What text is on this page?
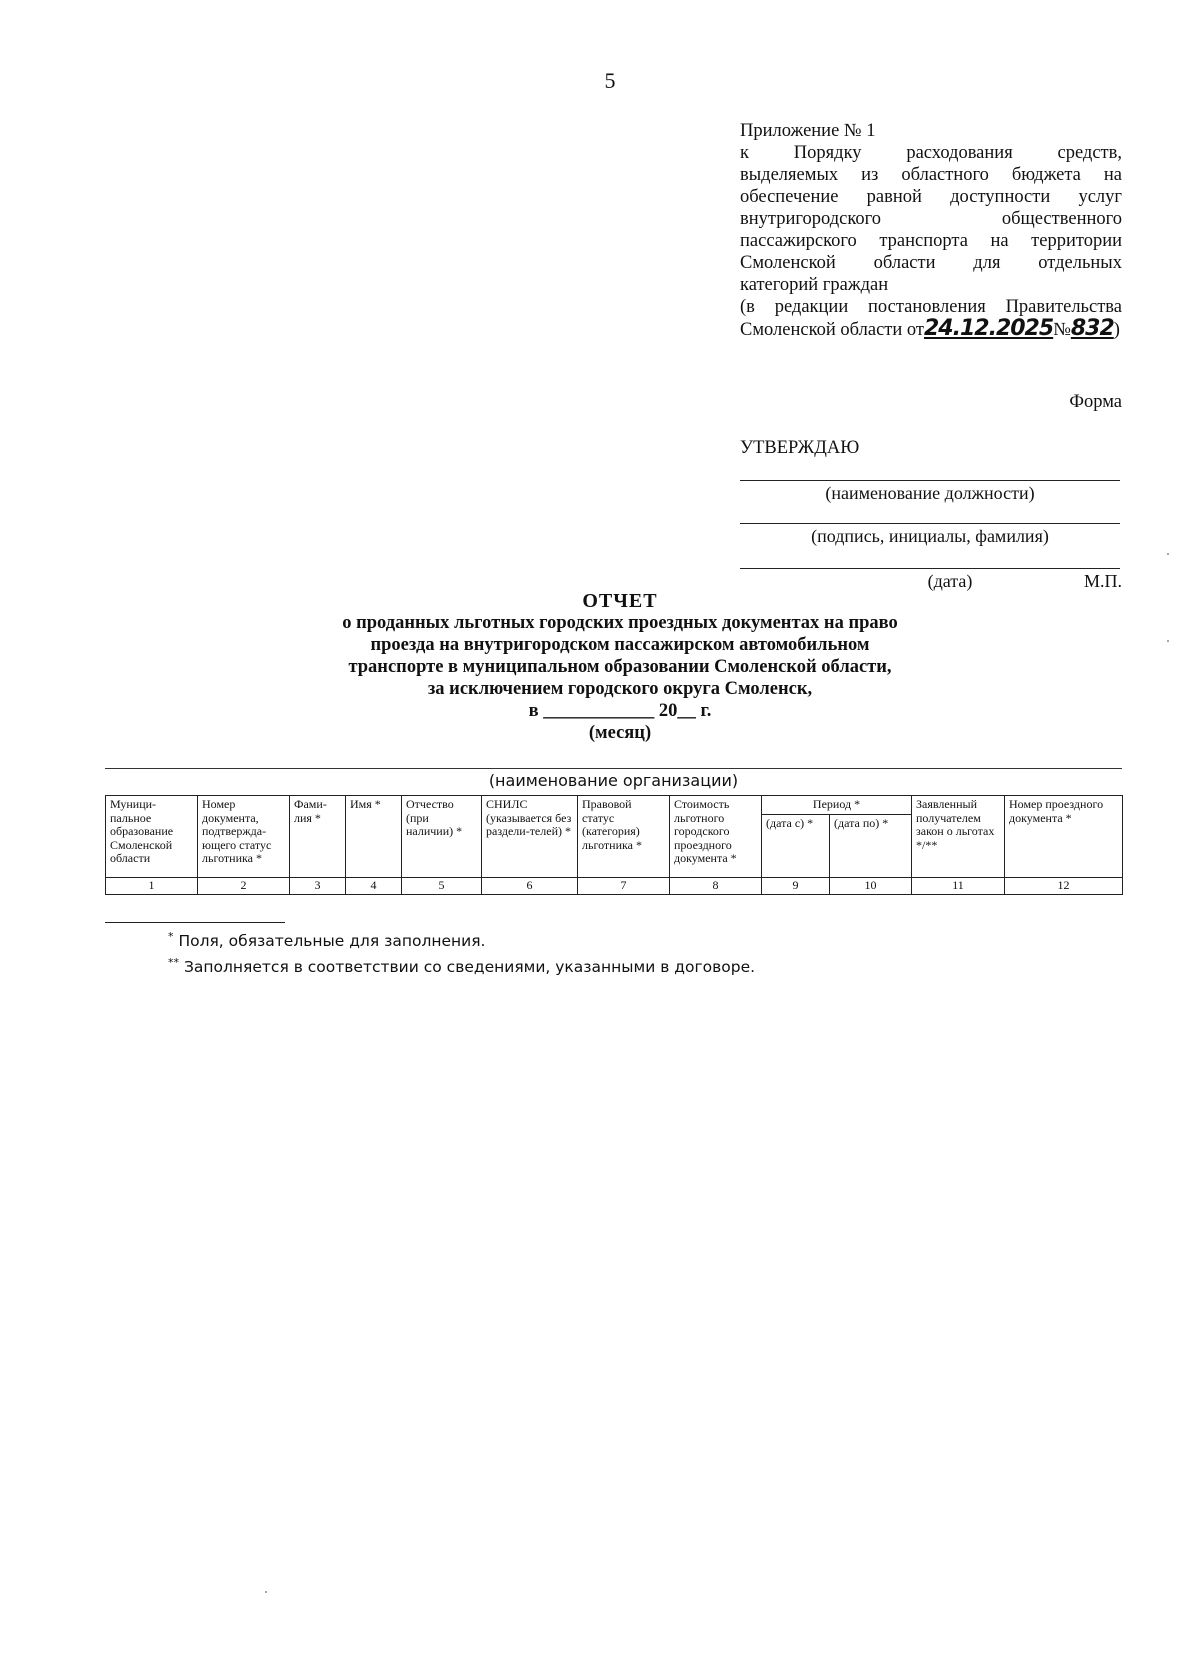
5
Приложение № 1
к Порядку расходования средств,
выделяемых из областного бюджета на
обеспечение равной доступности услуг
внутригородского общественного
пассажирского транспорта на территории
Смоленской области для отдельных
категорий граждан
(в редакции постановления Правительства
Смоленской области от24.12.2025№832)
Форма
УТВЕРЖДАЮ
(наименование должности)
(подпись, инициалы, фамилия)
(дата)	М.П.
ОТЧЕТ
о проданных льготных городских проездных документах на право
проезда на внутригородском пассажирском автомобильном
транспорте в муниципальном образовании Смоленской области,
за исключением городского округа Смоленск,
в ____________ 20__ г.
(месяц)
(наименование организации)
Муници-пальное образование Смоленской области	Номер документа, подтвержда-ющего статус льготника *	Фами-лия *	Имя *	Отчество (при наличии) *	СНИЛС (указывается без раздели-телей) *	Правовой статус (категория) льготника *	Стоимость льготного городского проездного документа *	Период *		Заявленный получателем закон о льготах */**	Номер проездного документа *
								(дата с) *	(дата по) *		
1	2	3	4	5	6	7	8	9	10	11	12
* Поля, обязательные для заполнения.
** Заполняется в соответствии со сведениями, указанными в договоре.
